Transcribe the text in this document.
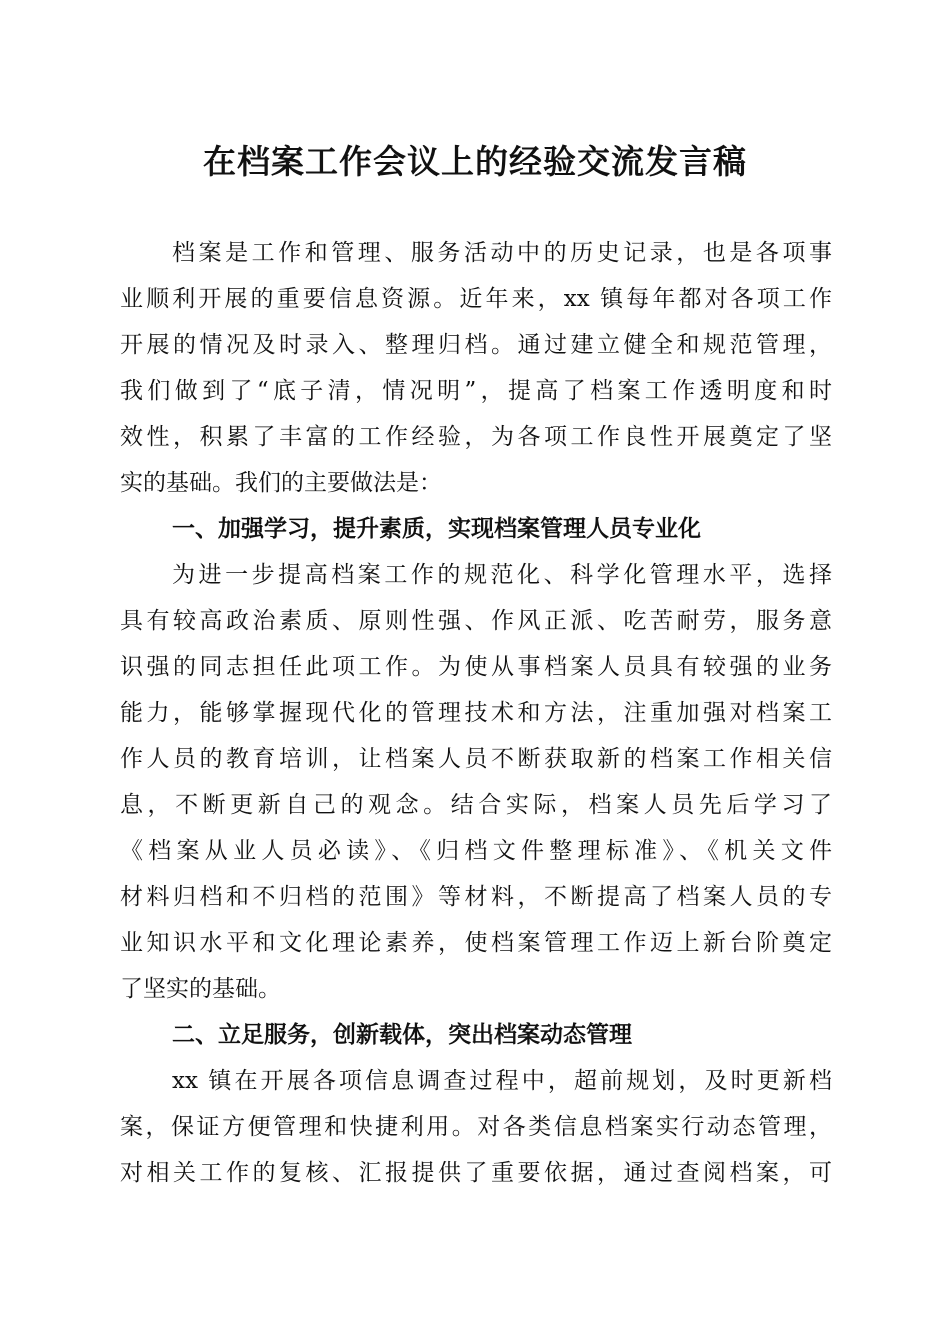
在档案工作会议上的经验交流发言稿
档案是工作和管理、服务活动中的历史记录，也是各项事
业顺利开展的重要信息资源。近年来，xx 镇每年都对各项工作
开展的情况及时录入、整理归档。通过建立健全和规范管理，
我们做到了“底子清，情况明”，提高了档案工作透明度和时
效性，积累了丰富的工作经验，为各项工作良性开展奠定了坚
实的基础。我们的主要做法是：
一、加强学习，提升素质，实现档案管理人员专业化
为进一步提高档案工作的规范化、科学化管理水平，选择
具有较高政治素质、原则性强、作风正派、吃苦耐劳，服务意
识强的同志担任此项工作。为使从事档案人员具有较强的业务
能力，能够掌握现代化的管理技术和方法，注重加强对档案工
作人员的教育培训，让档案人员不断获取新的档案工作相关信
息，不断更新自己的观念。结合实际，档案人员先后学习了
《档案从业人员必读》、《归档文件整理标准》、《机关文件
材料归档和不归档的范围》等材料，不断提高了档案人员的专
业知识水平和文化理论素养，使档案管理工作迈上新台阶奠定
了坚实的基础。
二、立足服务，创新载体，突出档案动态管理
xx 镇在开展各项信息调查过程中，超前规划，及时更新档
案，保证方便管理和快捷利用。对各类信息档案实行动态管理，
对相关工作的复核、汇报提供了重要依据，通过查阅档案，可
